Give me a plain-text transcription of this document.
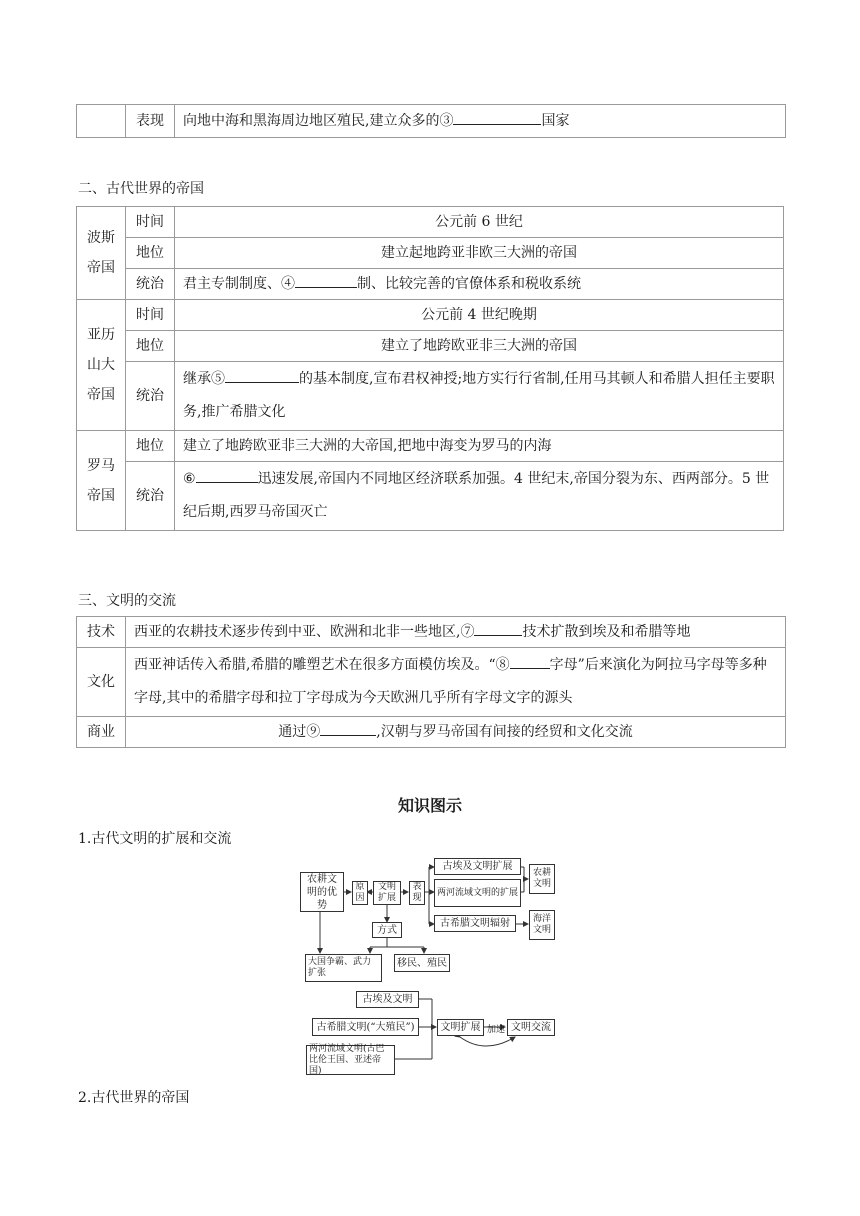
	表现	向地中海和黑海周边地区殖民,建立众多的③	国家
二、古代世界的帝国
波斯帝国	时间	公元前 6 世纪
	地位	建立起地跨亚非欧三大洲的帝国
	统治	君主专制制度、④ 制、比较完善的官僚体系和税收系统

亚历山大帝国	时间	公元前 4 世纪晚期
	地位	建立了地跨欧亚非三大洲的帝国
	统治	继承⑤ 的基本制度,宣布君权神授;地方实行行省制,任用马其顿人和希腊人担任主要职务,推广希腊文化

罗马帝国	地位	建立了地跨欧亚非三大洲的大帝国,把地中海变为罗马的内海
	统治	⑥ 迅速发展,帝国内不同地区经济联系加强。4 世纪末,帝国分裂为东、西两部分。5 世纪后期,西罗马帝国灭亡
三、文明的交流
技术	西亚的农耕技术逐步传到中亚、欧洲和北非一些地区,⑦ 技术扩散到埃及和希腊等地
文化	西亚神话传入希腊,希腊的雕塑艺术在很多方面模仿埃及。“⑧ 字母”后来演化为阿拉马字母等多种字母,其中的希腊字母和拉丁字母成为今天欧洲几乎所有字母文字的源头
商业	通过⑨ ,汉朝与罗马帝国有间接的经贸和文化交流
知识图示
1.古代文明的扩展和交流
农耕文明的优势
原因
文明扩展
表现
古埃及文明扩展
两河流域文明的扩展
古希腊文明辐射
农耕文明
海洋文明
方式
大国争霸、武力扩张
移民、殖民
古埃及文明
古希腊文明(“大殖民”)
两河流域文明(古巴比伦王国、亚述帝国)
文明扩展 加速 文明交流
2.古代世界的帝国
